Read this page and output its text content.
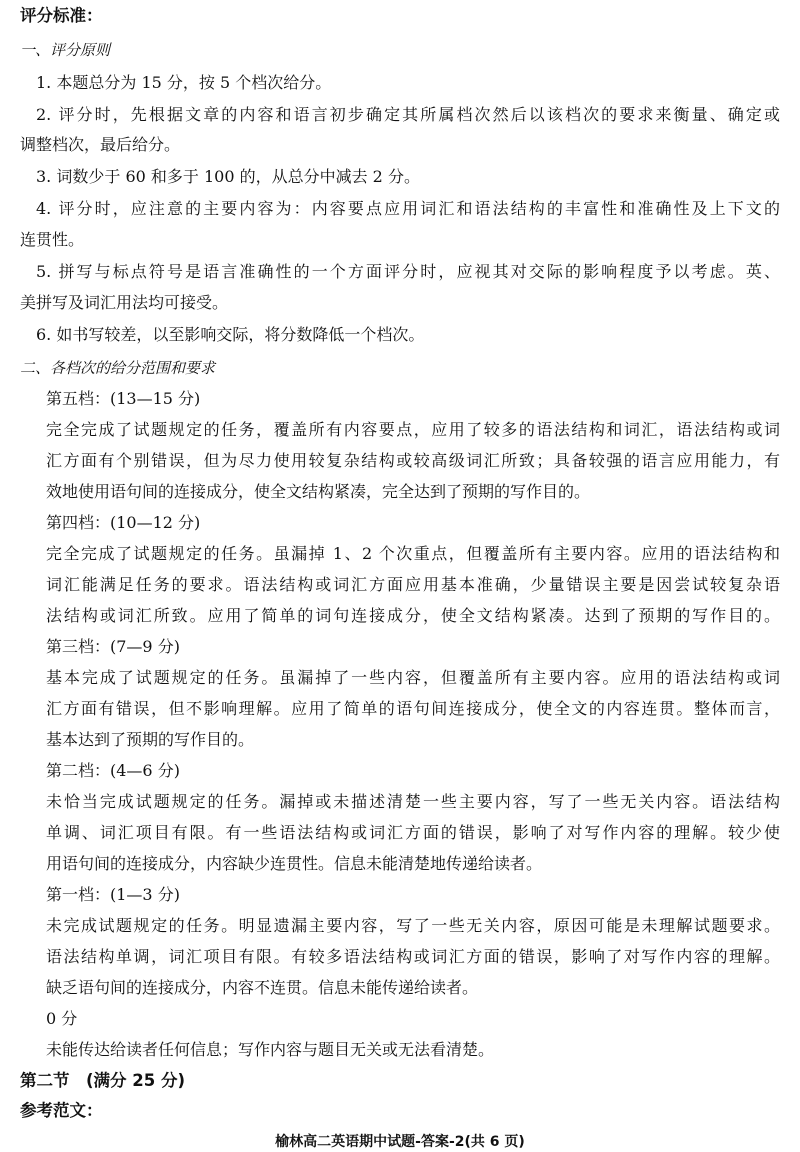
评分标准：
一、评分原则
1. 本题总分为 15 分，按 5 个档次给分。
2. 评分时，先根据文章的内容和语言初步确定其所属档次然后以该档次的要求来衡量、确定或
调整档次，最后给分。
3. 词数少于 60 和多于 100 的，从总分中减去 2 分。
4. 评分时，应注意的主要内容为：内容要点应用词汇和语法结构的丰富性和准确性及上下文的
连贯性。
5. 拼写与标点符号是语言准确性的一个方面评分时，应视其对交际的影响程度予以考虑。英、
美拼写及词汇用法均可接受。
6. 如书写较差，以至影响交际，将分数降低一个档次。
二、各档次的给分范围和要求
第五档：(13—15 分)
完全完成了试题规定的任务，覆盖所有内容要点，应用了较多的语法结构和词汇，语法结构或词
汇方面有个别错误，但为尽力使用较复杂结构或较高级词汇所致；具备较强的语言应用能力，有
效地使用语句间的连接成分，使全文结构紧凑，完全达到了预期的写作目的。
第四档：(10—12 分)
完全完成了试题规定的任务。虽漏掉 1、2 个次重点，但覆盖所有主要内容。应用的语法结构和
词汇能满足任务的要求。语法结构或词汇方面应用基本准确，少量错误主要是因尝试较复杂语
法结构或词汇所致。应用了简单的词句连接成分，使全文结构紧凑。达到了预期的写作目的。
第三档：(7—9 分)
基本完成了试题规定的任务。虽漏掉了一些内容，但覆盖所有主要内容。应用的语法结构或词
汇方面有错误，但不影响理解。应用了简单的语句间连接成分，使全文的内容连贯。整体而言，
基本达到了预期的写作目的。
第二档：(4—6 分)
未恰当完成试题规定的任务。漏掉或未描述清楚一些主要内容，写了一些无关内容。语法结构
单调、词汇项目有限。有一些语法结构或词汇方面的错误，影响了对写作内容的理解。较少使
用语句间的连接成分，内容缺少连贯性。信息未能清楚地传递给读者。
第一档：(1—3 分)
未完成试题规定的任务。明显遗漏主要内容，写了一些无关内容，原因可能是未理解试题要求。
语法结构单调，词汇项目有限。有较多语法结构或词汇方面的错误，影响了对写作内容的理解。
缺乏语句间的连接成分，内容不连贯。信息未能传递给读者。
0 分
未能传达给读者任何信息；写作内容与题目无关或无法看清楚。
第二节　(满分 25 分)
参考范文：
榆林高二英语期中试题-答案-2(共 6 页)
